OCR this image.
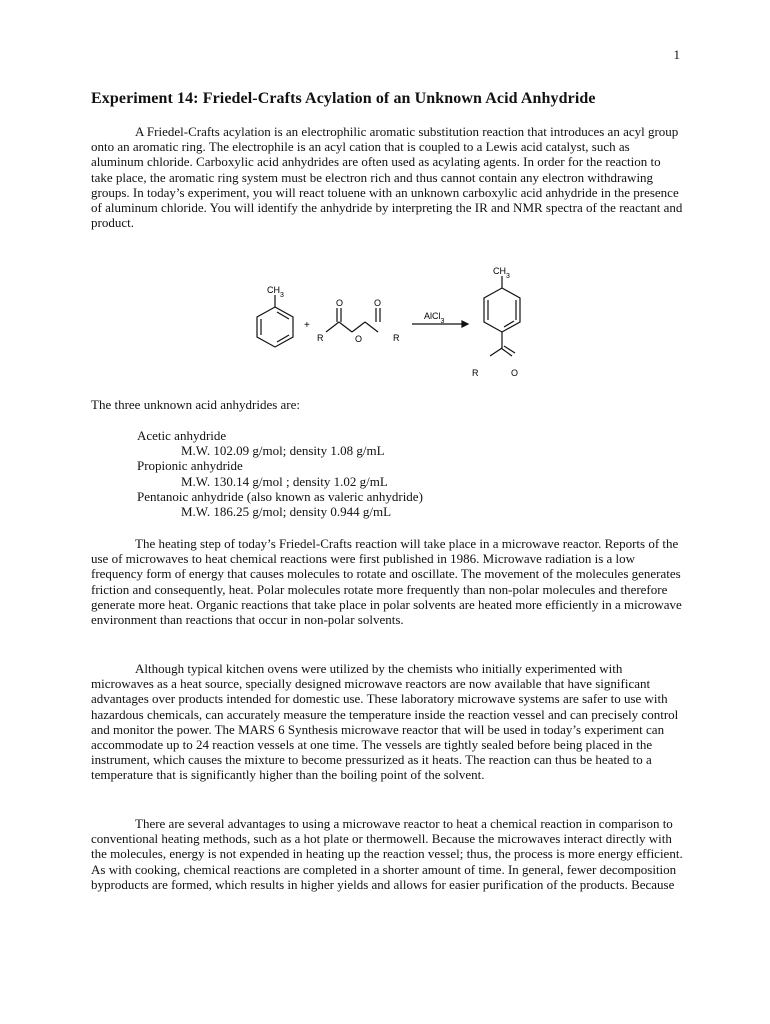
1
Experiment 14: Friedel-Crafts Acylation of an Unknown Acid Anhydride

A Friedel-Crafts acylation is an electrophilic aromatic substitution reaction that introduces an acyl group onto an aromatic ring. The electrophile is an acyl cation that is coupled to a Lewis acid catalyst, such as aluminum chloride. Carboxylic acid anhydrides are often used as acylating agents. In order for the reaction to take place, the aromatic ring system must be electron rich and thus cannot contain any electron withdrawing groups. In today’s experiment, you will react toluene with an unknown carboxylic acid anhydride in the presence of aluminum chloride. You will identify the anhydride by interpreting the IR and NMR spectra of the reactant and product.

$CH_3$
+
O	O
O
R	R
AlCl$_3$
$CH_3$
R	O
The three unknown acid anhydrides are:
Acetic anhydride
M.W. 102.09 g/mol; density 1.08 g/mL
Propionic anhydride
M.W. 130.14 g/mol ; density 1.02 g/mL
Pentanoic anhydride (also known as valeric anhydride)
M.W. 186.25 g/mol; density 0.944 g/mL

The heating step of today’s Friedel-Crafts reaction will take place in a microwave reactor. Reports of the use of microwaves to heat chemical reactions were first published in 1986. Microwave radiation is a low frequency form of energy that causes molecules to rotate and oscillate. The movement of the molecules generates friction and consequently, heat. Polar molecules rotate more frequently than non-polar molecules and therefore generate more heat. Organic reactions that take place in polar solvents are heated more efficiently in a microwave environment than reactions that occur in non-polar solvents.

Although typical kitchen ovens were utilized by the chemists who initially experimented with microwaves as a heat source, specially designed microwave reactors are now available that have significant advantages over products intended for domestic use. These laboratory microwave systems are safer to use with hazardous chemicals, can accurately measure the temperature inside the reaction vessel and can precisely control and monitor the power. The MARS 6 Synthesis microwave reactor that will be used in today’s experiment can accommodate up to 24 reaction vessels at one time. The vessels are tightly sealed before being placed in the instrument, which causes the mixture to become pressurized as it heats. The reaction can thus be heated to a temperature that is significantly higher than the boiling point of the solvent.

There are several advantages to using a microwave reactor to heat a chemical reaction in comparison to conventional heating methods, such as a hot plate or thermowell. Because the microwaves interact directly with the molecules, energy is not expended in heating up the reaction vessel; thus, the process is more energy efficient. As with cooking, chemical reactions are completed in a shorter amount of time. In general, fewer decomposition byproducts are formed, which results in higher yields and allows for easier purification of the products. Because
